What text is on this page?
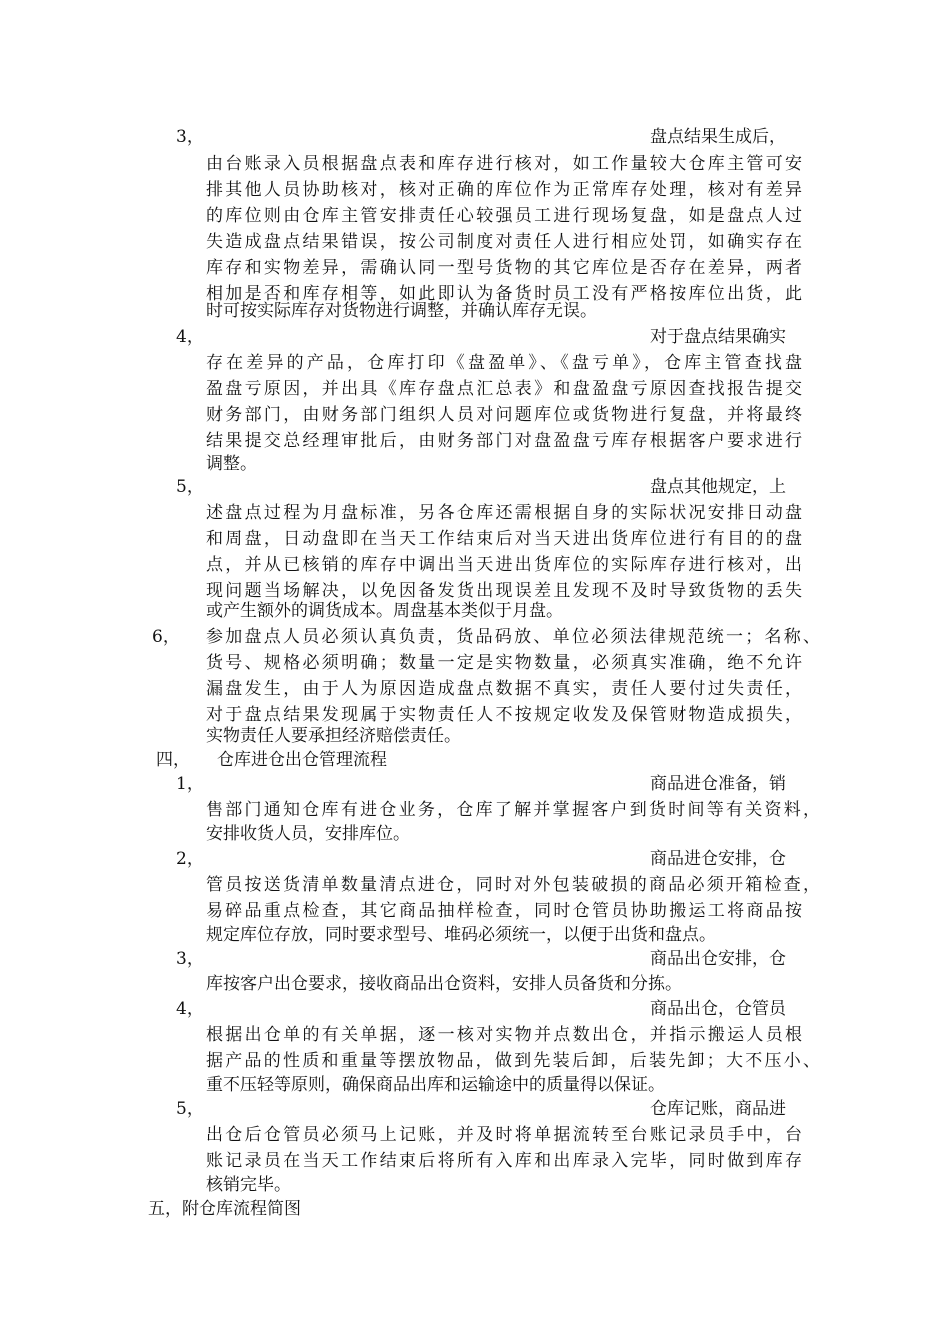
3，	盘点结果生成后，
由台账录入员根据盘点表和库存进行核对，如工作量较大仓库主管可安
排其他人员协助核对，核对正确的库位作为正常库存处理，核对有差异
的库位则由仓库主管安排责任心较强员工进行现场复盘，如是盘点人过
失造成盘点结果错误，按公司制度对责任人进行相应处罚，如确实存在
库存和实物差异，需确认同一型号货物的其它库位是否存在差异，两者
相加是否和库存相等，如此即认为备货时员工没有严格按库位出货，此
时可按实际库存对货物进行调整，并确认库存无误。
4，	对于盘点结果确实
存在差异的产品，仓库打印《盘盈单》、《盘亏单》，仓库主管查找盘
盈盘亏原因，并出具《库存盘点汇总表》和盘盈盘亏原因查找报告提交
财务部门，由财务部门组织人员对问题库位或货物进行复盘，并将最终
结果提交总经理审批后，由财务部门对盘盈盘亏库存根据客户要求进行
调整。
5，	盘点其他规定，上
述盘点过程为月盘标准，另各仓库还需根据自身的实际状况安排日动盘
和周盘，日动盘即在当天工作结束后对当天进出货库位进行有目的的盘
点，并从已核销的库存中调出当天进出货库位的实际库存进行核对，出
现问题当场解决，以免因备发货出现误差且发现不及时导致货物的丢失
或产生额外的调货成本。周盘基本类似于月盘。
6， 参加盘点人员必须认真负责，货品码放、单位必须法律规范统一；名称、
货号、规格必须明确；数量一定是实物数量，必须真实准确，绝不允许
漏盘发生，由于人为原因造成盘点数据不真实，责任人要付过失责任，
对于盘点结果发现属于实物责任人不按规定收发及保管财物造成损失，
实物责任人要承担经济赔偿责任。
四， 仓库进仓出仓管理流程
1，	商品进仓准备，销
售部门通知仓库有进仓业务，仓库了解并掌握客户到货时间等有关资料，
安排收货人员，安排库位。
2，	商品进仓安排，仓
管员按送货清单数量清点进仓，同时对外包装破损的商品必须开箱检查，
易碎品重点检查，其它商品抽样检查，同时仓管员协助搬运工将商品按
规定库位存放，同时要求型号、堆码必须统一，以便于出货和盘点。
3，	商品出仓安排，仓
库按客户出仓要求，接收商品出仓资料，安排人员备货和分拣。
4，	商品出仓，仓管员
根据出仓单的有关单据，逐一核对实物并点数出仓，并指示搬运人员根
据产品的性质和重量等摆放物品，做到先装后卸，后装先卸；大不压小、
重不压轻等原则，确保商品出库和运输途中的质量得以保证。
5，	仓库记账，商品进
出仓后仓管员必须马上记账，并及时将单据流转至台账记录员手中，台
账记录员在当天工作结束后将所有入库和出库录入完毕，同时做到库存
核销完毕。
五，附仓库流程简图
